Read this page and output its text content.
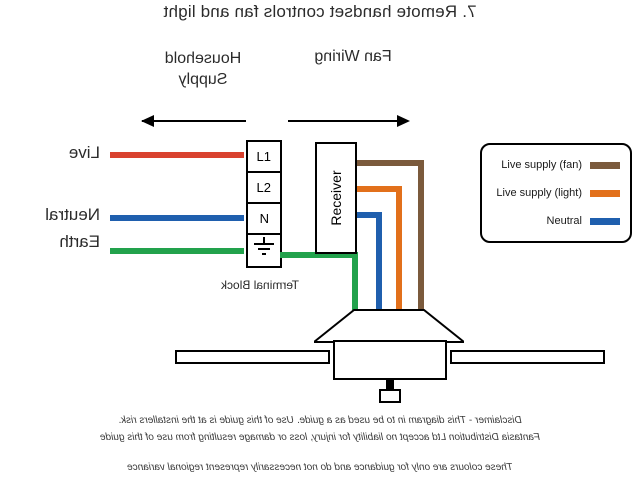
7. Remote handset controls fan and light
Household
Supply
Fan Wiring
Live
Neutral
Earth
L1
L2
N
Terminal Block
Receiver
Live supply (fan)
Live supply (light)
Neutral
Disclaimer - This diagram in to be used as a guide. Use of this guide is at the installers risk.
Fantasia Distribution Ltd accept no liability for injury, loss or damage resulting from use of this guide
These colours are only for guidance and do not necessarily represent regional variance
